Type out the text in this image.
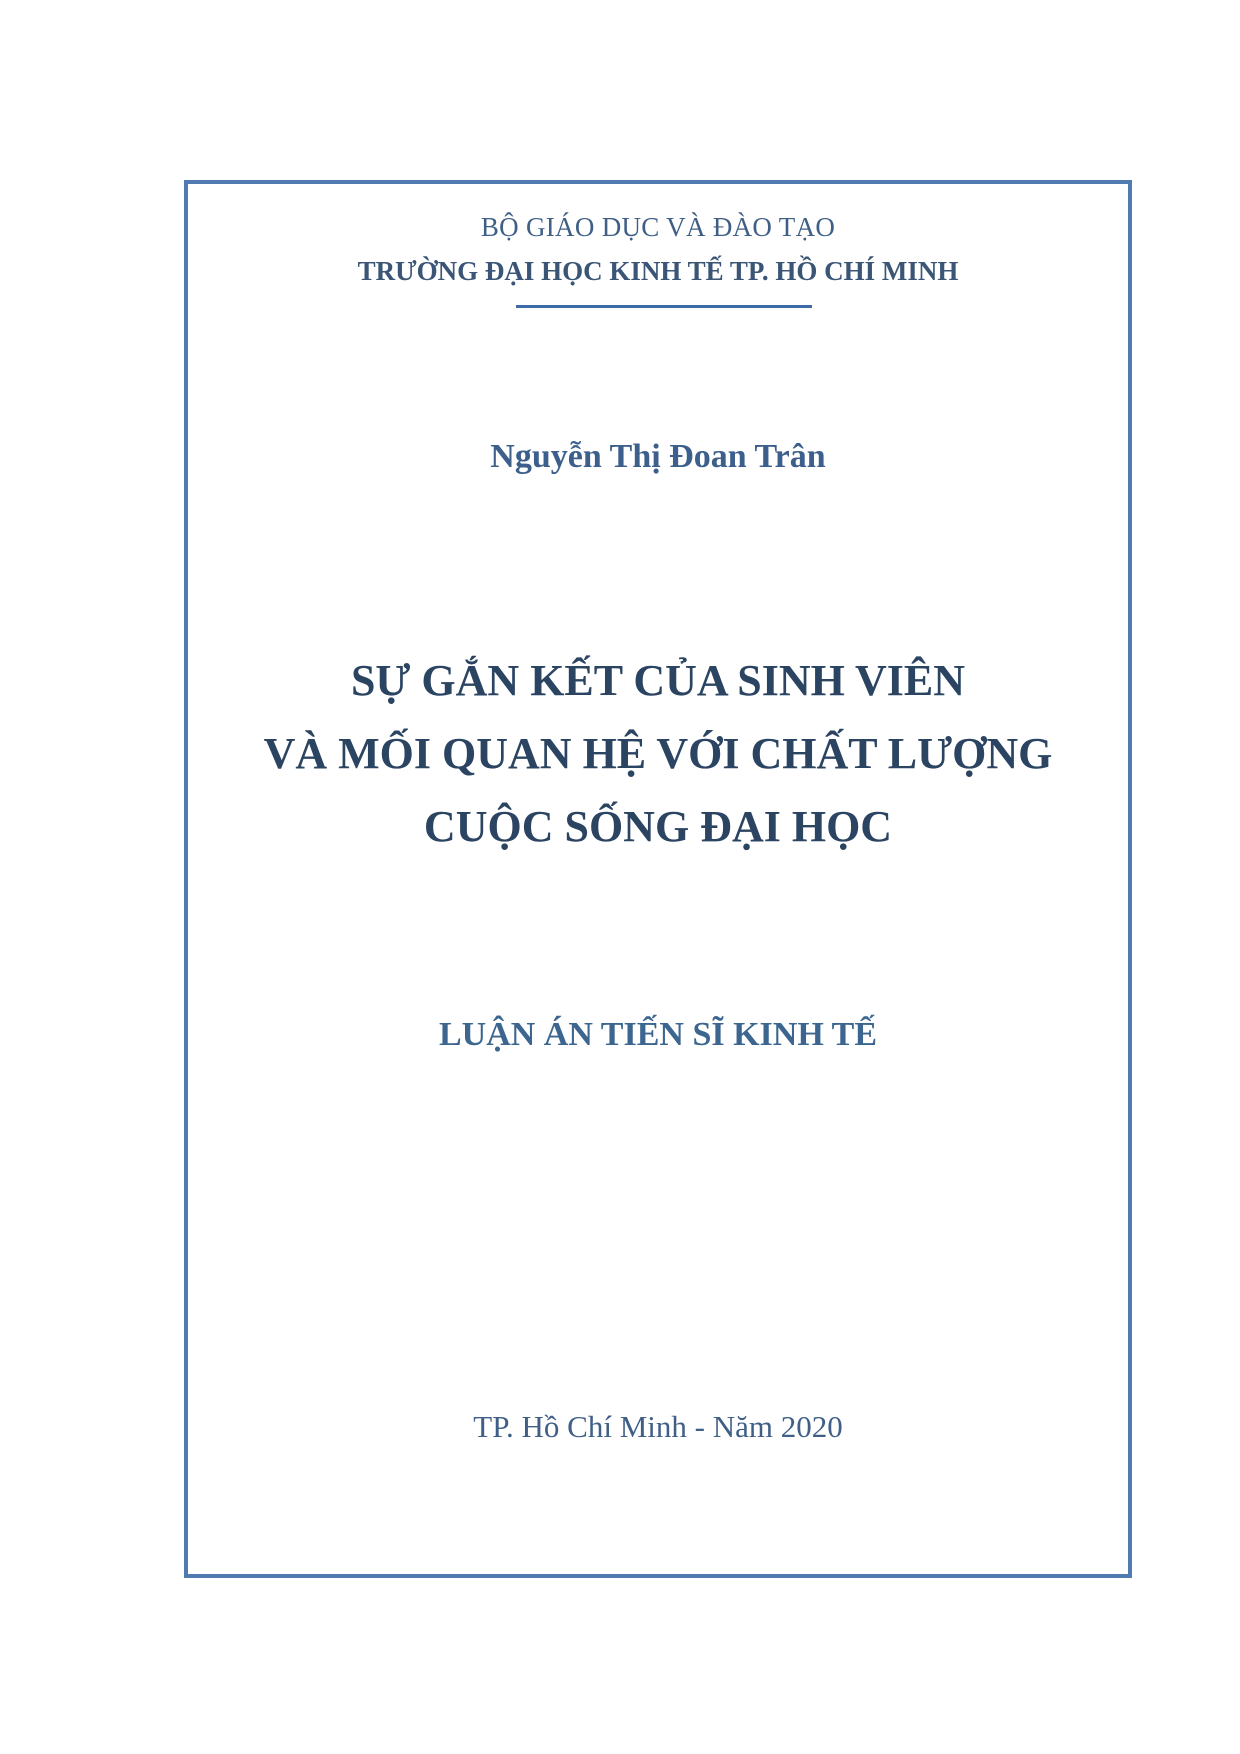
BỘ GIÁO DỤC VÀ ĐÀO TẠO
TRƯỜNG ĐẠI HỌC KINH TẾ TP. HỒ CHÍ MINH
Nguyễn Thị Đoan Trân
SỰ GẮN KẾT CỦA SINH VIÊN
VÀ MỐI QUAN HỆ VỚI CHẤT LƯỢNG
CUỘC SỐNG ĐẠI HỌC
LUẬN ÁN TIẾN SĨ KINH TẾ
TP. Hồ Chí Minh - Năm 2020
